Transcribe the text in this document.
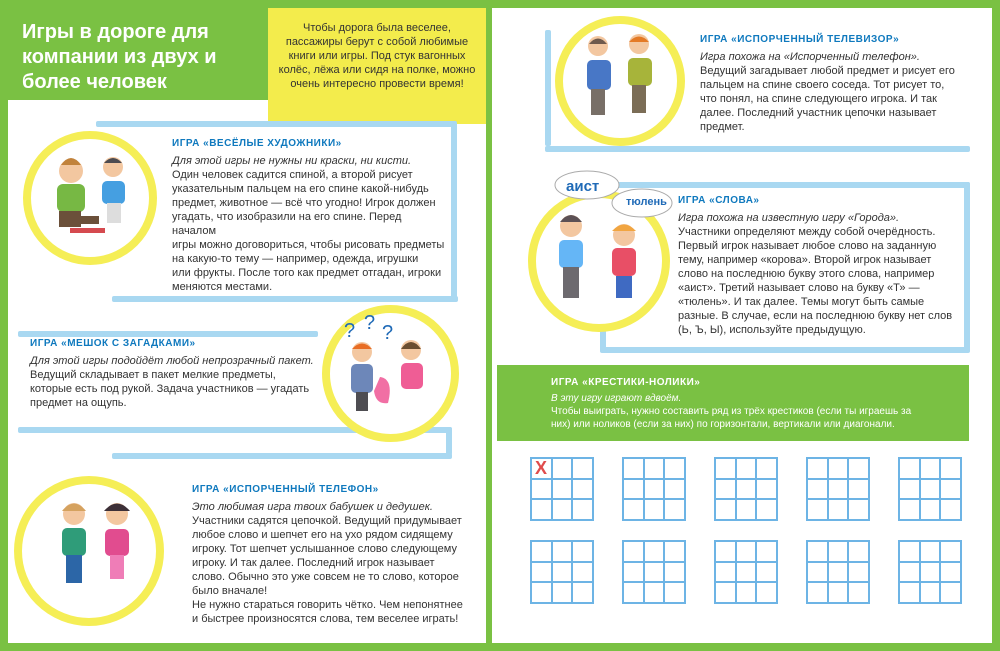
Игры в дороге для компании из двух и более человек
Чтобы дорога была веселее, пассажиры берут с собой любимые книги или игры. Под стук вагонных колёс, лёжа или сидя на полке, можно очень интересно провести время!
? ? ?
аист
тюлень
ИГРА «ВЕСЁЛЫЕ ХУДОЖНИКИ»
Для этой игры не нужны ни краски, ни кисти.
Один человек садится спиной, а второй рисует
указательным пальцем на его спине какой-нибудь
предмет, животное — всё что угодно! Игрок должен
угадать, что изобразили на его спине. Перед началом
игры можно договориться, чтобы рисовать предметы
на какую-то тему — например, одежда, игрушки
или фрукты. После того как предмет отгадан, игроки
меняются местами.
ИГРА «МЕШОК С ЗАГАДКАМИ»
Для этой игры подойдёт любой непрозрачный пакет.
Ведущий складывает в пакет мелкие предметы,
которые есть под рукой. Задача участников — угадать
предмет на ощупь.
ИГРА «ИСПОРЧЕННЫЙ ТЕЛЕФОН»
Это любимая игра твоих бабушек и дедушек.
Участники садятся цепочкой. Ведущий придумывает
любое слово и шепчет его на ухо рядом сидящему
игроку. Тот шепчет услышанное слово следующему
игроку. И так далее. Последний игрок называет
слово. Обычно это уже совсем не то слово, которое
было вначале!
Не нужно стараться говорить чётко. Чем непонятнее
и быстрее произносятся слова, тем веселее играть!
ИГРА «ИСПОРЧЕННЫЙ ТЕЛЕВИЗОР»
Игра похожа на «Испорченный телефон».
Ведущий загадывает любой предмет и рисует его
пальцем на спине своего соседа. Тот рисует то,
что понял, на спине следующего игрока. И так
далее. Последний участник цепочки называет
предмет.
ИГРА «СЛОВА»
Игра похожа на известную игру «Города».
Участники определяют между собой очерёдность.
Первый игрок называет любое слово на заданную
тему, например «корова». Второй игрок называет
слово на последнюю букву этого слова, например
«аист». Третий называет слово на букву «Т» —
«тюлень». И так далее. Темы могут быть самые
разные. В случае, если на последнюю букву нет слов
(Ь, Ъ, Ы), используйте предыдущую.
ИГРА «КРЕСТИКИ-НОЛИКИ»
В эту игру играют вдвоём.
Чтобы выиграть, нужно составить ряд из трёх крестиков (если ты играешь за
них) или ноликов (если за них) по горизонтали, вертикали или диагонали.
X
28	29
